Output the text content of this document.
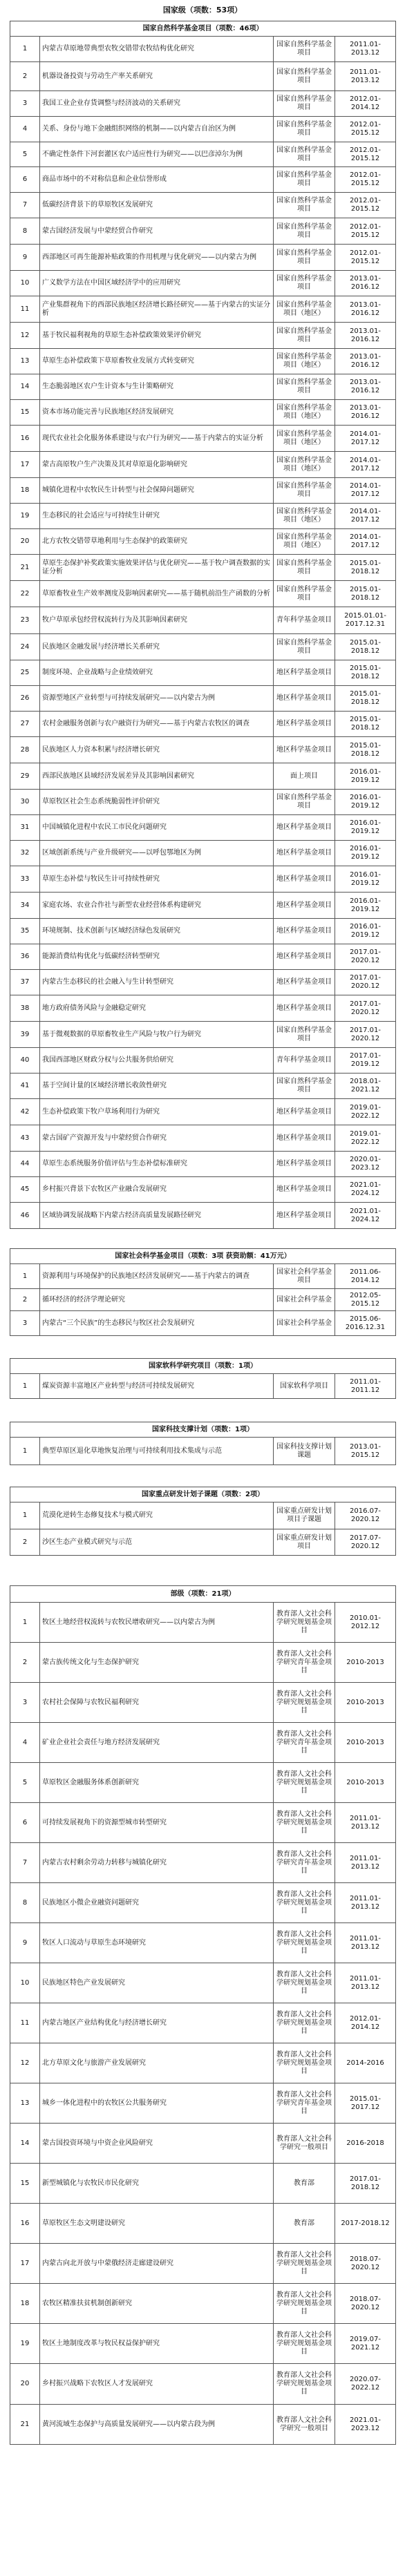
国家级（项数：53项）
国家自然科学基金项目（项数：46项）			
1	内蒙古草原地带典型农牧交错带农牧结构优化研究	国家自然科学基金项目	2011.01-2013.12
2	机器设备投资与劳动生产率关系研究	国家自然科学基金项目	2011.01-2013.12
3	我国工业企业存货调整与经济波动的关系研究	国家自然科学基金项目	2012.01-2014.12
4	关系、身份与地下金融组织网络的机制——以内蒙古自治区为例	国家自然科学基金项目	2012.01-2015.12
5	不确定性条件下河套灌区农户适应性行为研究——以巴彦淖尔为例	国家自然科学基金项目	2012.01-2015.12
6	商品市场中的不对称信息和企业信誉形成	国家自然科学基金项目	2012.01-2015.12
7	低碳经济背景下的草原牧区发展研究	国家自然科学基金项目	2012.01-2015.12
8	蒙古国经济发展与中蒙经贸合作研究	国家自然科学基金项目	2012.01-2015.12
9	西部地区可再生能源补贴政策的作用机理与优化研究——以内蒙古为例	国家自然科学基金项目	2012.01-2015.12
10	广义数学方法在中国区域经济学中的应用研究	国家自然科学基金项目	2013.01-2016.12
11	产业集群视角下的西部民族地区经济增长路径研究——基于内蒙古的实证分析	国家自然科学基金项目（地区）	2013.01-2016.12
12	基于牧民福利视角的草原生态补偿政策效果评价研究	国家自然科学基金项目	2013.01-2016.12
13	草原生态补偿政策下草原畜牧业发展方式转变研究	国家自然科学基金项目（地区）	2013.01-2016.12
14	生态脆弱地区农户生计资本与生计策略研究	国家自然科学基金项目	2013.01-2016.12
15	资本市场功能完善与民族地区经济发展研究	国家自然科学基金项目（地区）	2013.01-2016.12
16	现代农业社会化服务体系建设与农户行为研究——基于内蒙古的实证分析	国家自然科学基金项目（地区）	2014.01-2017.12
17	蒙古高原牧户生产决策及其对草原退化影响研究	国家自然科学基金项目（地区）	2014.01-2017.12
18	城镇化进程中农牧民生计转型与社会保障问题研究	国家自然科学基金项目	2014.01-2017.12
19	生态移民的社会适应与可持续生计研究	国家自然科学基金项目（地区）	2014.01-2017.12
20	北方农牧交错带草地利用与生态保护的政策研究	国家自然科学基金项目（地区）	2014.01-2017.12
21	草原生态保护补奖政策实施效果评估与优化研究——基于牧户调查数据的实证分析	国家自然科学基金项目	2015.01-2018.12
22	草原畜牧业生产效率测度及影响因素研究——基于随机前沿生产函数的分析	国家自然科学基金项目	2015.01-2018.12
23	牧户草原承包经营权流转行为及其影响因素研究	青年科学基金项目	2015.01.01-2017.12.31
24	民族地区金融发展与经济增长关系研究	国家自然科学基金项目	2015.01-2018.12
25	制度环境、企业战略与企业绩效研究	地区科学基金项目	2015.01-2018.12
26	资源型地区产业转型与可持续发展研究——以内蒙古为例	地区科学基金项目	2015.01-2018.12
27	农村金融服务创新与农户融资行为研究——基于内蒙古农牧区的调查	地区科学基金项目	2015.01-2018.12
28	民族地区人力资本积累与经济增长研究	地区科学基金项目	2015.01-2018.12
29	西部民族地区县域经济发展差异及其影响因素研究	面上项目	2016.01-2019.12
30	草原牧区社会生态系统脆弱性评价研究	国家自然科学基金项目	2016.01-2019.12
31	中国城镇化进程中农民工市民化问题研究	地区科学基金项目	2016.01-2019.12
32	区域创新系统与产业升级研究——以呼包鄂地区为例	地区科学基金项目	2016.01-2019.12
33	草原生态补偿与牧民生计可持续性研究	地区科学基金项目	2016.01-2019.12
34	家庭农场、农业合作社与新型农业经营体系构建研究	地区科学基金项目	2016.01-2019.12
35	环境规制、技术创新与区域经济绿色发展研究	地区科学基金项目	2016.01-2019.12
36	能源消费结构优化与低碳经济转型研究	地区科学基金项目	2017.01-2020.12
37	内蒙古生态移民的社会融入与生计转型研究	地区科学基金项目	2017.01-2020.12
38	地方政府债务风险与金融稳定研究	地区科学基金项目	2017.01-2020.12
39	基于微观数据的草原畜牧业生产风险与牧户行为研究	国家自然科学基金项目	2017.01-2020.12
40	我国西部地区财政分权与公共服务供给研究	青年科学基金项目	2017.01-2019.12
41	基于空间计量的区域经济增长收敛性研究	国家自然科学基金项目	2018.01-2021.12
42	生态补偿政策下牧户草场利用行为研究	地区科学基金项目	2019.01-2022.12
43	蒙古国矿产资源开发与中蒙经贸合作研究	地区科学基金项目	2019.01-2022.12
44	草原生态系统服务价值评估与生态补偿标准研究	地区科学基金项目	2020.01-2023.12
45	乡村振兴背景下农牧区产业融合发展研究	地区科学基金项目	2021.01-2024.12
46	区域协调发展战略下内蒙古经济高质量发展路径研究	地区科学基金项目	2021.01-2024.12
国家社会科学基金项目（项数：3项 获资助额：41万元）			
1	资源利用与环境保护的民族地区经济发展研究——基于内蒙古的调查	国家社会科学基金项目	2011.06-2014.12
2	循环经济的经济学理论研究	国家社会科学基金	2012.05-2015.12
3	内蒙古“三个民族”的生态移民与牧区社会发展研究	国家社会科学基金	2015.06-2016.12.31
国家软科学研究项目（项数：1项）
1	煤炭资源丰富地区产业转型与经济可持续发展研究	国家软科学项目	2011.01-2011.12
国家科技支撑计划（项数：1项）
1	典型草原区退化草地恢复治理与可持续利用技术集成与示范	国家科技支撑计划课题	2013.01-2015.12
国家重点研发计划子课题（项数：2项）			
1	荒漠化逆转生态修复技术与模式研究	国家重点研发计划项目子课题	2016.07-2020.12
2	沙区生态产业模式研究与示范	国家重点研发计划项目	2017.07-2020.12
部级（项数：21项）			
1	牧区土地经营权流转与农牧民增收研究——以内蒙古为例	教育部人文社会科学研究规划基金项目	2010.01-2012.12
2	蒙古族传统文化与生态保护研究	教育部人文社会科学研究青年基金项目	2010-2013
3	农村社会保障与农牧民福利研究	教育部人文社会科学研究规划基金项目	2010-2013
4	矿业企业社会责任与地方经济发展研究	教育部人文社会科学研究青年基金项目	2010-2013
5	草原牧区金融服务体系创新研究	教育部人文社会科学研究规划基金项目	2010-2013
6	可持续发展视角下的资源型城市转型研究	教育部人文社会科学研究规划基金项目	2011.01-2013.12
7	内蒙古农村剩余劳动力转移与城镇化研究	教育部人文社会科学研究青年基金项目	2011.01-2013.12
8	民族地区小微企业融资问题研究	教育部人文社会科学研究规划基金项目	2011.01-2013.12
9	牧区人口流动与草原生态环境研究	教育部人文社会科学研究规划基金项目	2011.01-2013.12
10	民族地区特色产业发展研究	教育部人文社会科学研究规划基金项目	2011.01-2013.12
11	内蒙古地区产业结构优化与经济增长研究	教育部人文社会科学研究规划基金项目	2012.01-2014.12
12	北方草原文化与旅游产业发展研究	教育部人文社会科学研究规划基金项目	2014-2016
13	城乡一体化进程中的农牧区公共服务研究	教育部人文社会科学研究青年基金项目	2015.01-2017.12
14	蒙古国投资环境与中资企业风险研究	教育部人文社会科学研究一般项目	2016-2018
15	新型城镇化与农牧民市民化研究	教育部	2017.01-2018.12
16	草原牧区生态文明建设研究	教育部	2017-2018.12
17	内蒙古向北开放与中蒙俄经济走廊建设研究	教育部人文社会科学研究规划基金项目	2018.07-2020.12
18	农牧区精准扶贫机制创新研究	教育部人文社会科学研究规划基金项目	2018.07-2020.12
19	牧区土地制度改革与牧民权益保护研究	教育部人文社会科学研究规划基金项目	2019.07-2021.12
20	乡村振兴战略下农牧区人才发展研究	教育部人文社会科学研究规划基金项目	2020.07-2022.12
21	黄河流域生态保护与高质量发展研究——以内蒙古段为例	教育部人文社会科学研究一般项目	2021.01-2023.12
